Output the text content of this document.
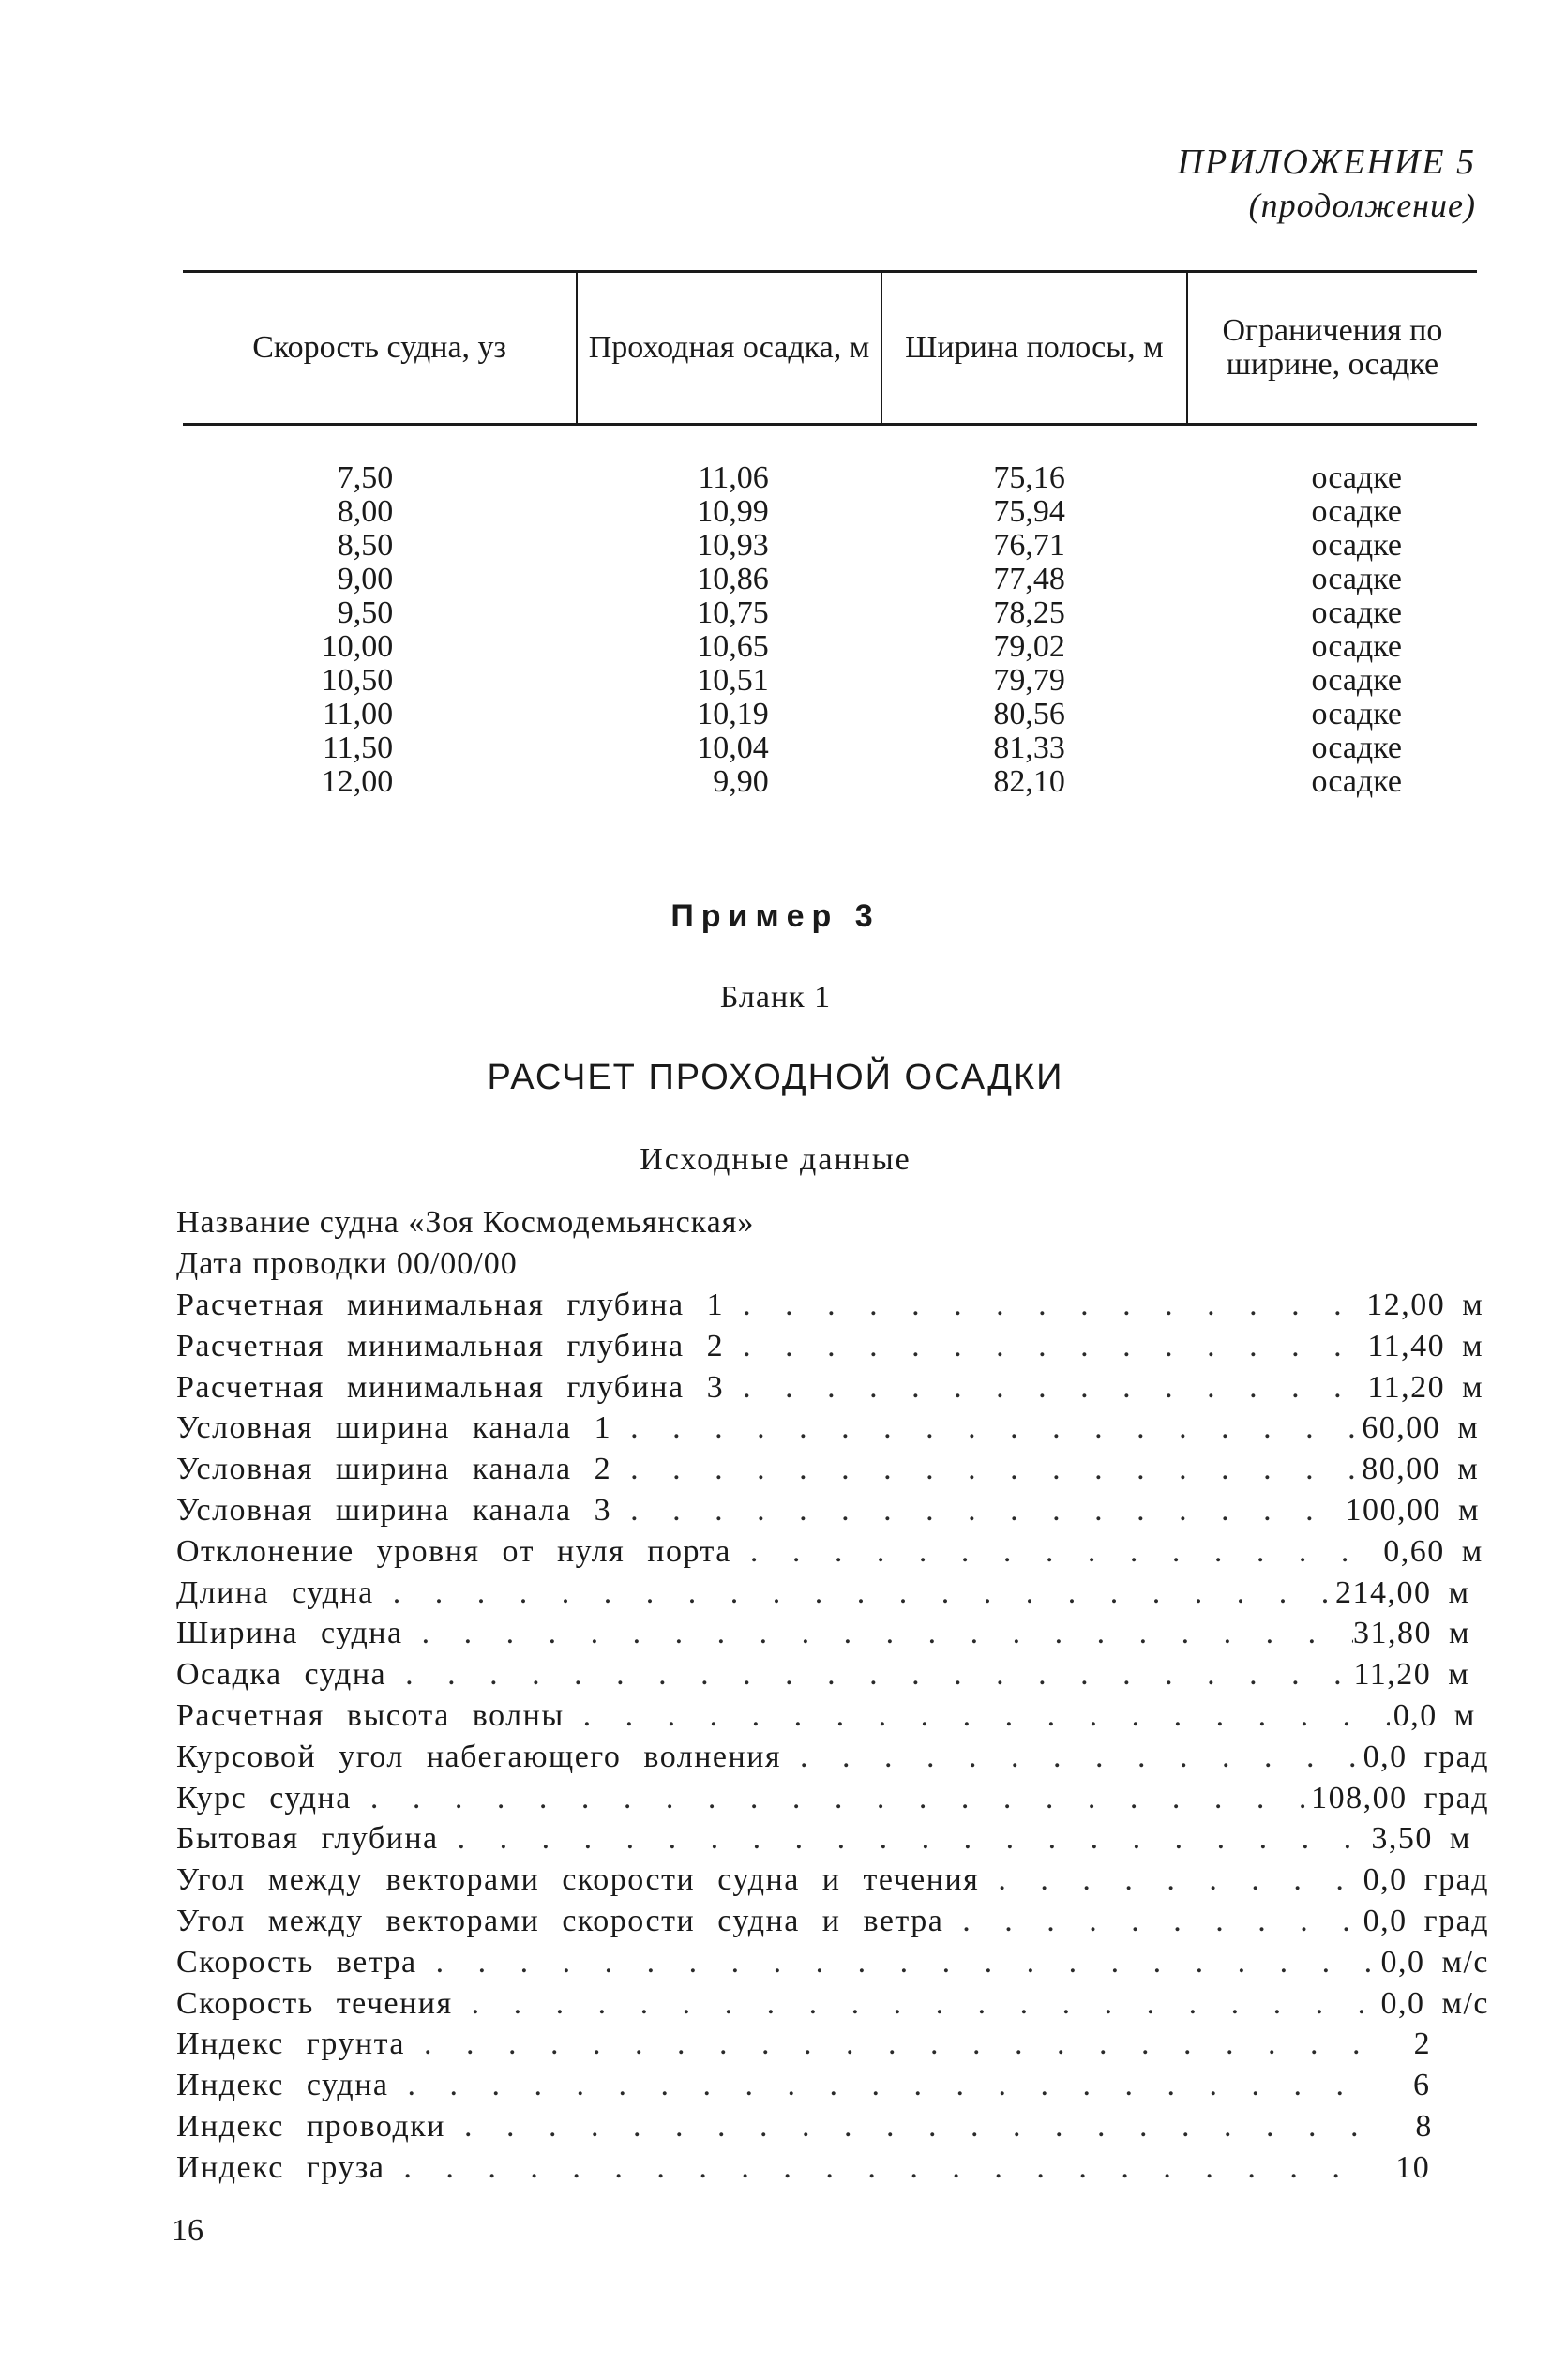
ПРИЛОЖЕНИЕ 5
(продолжение)
Скорость судна, уз	Проходная осадка, м	Ширина полосы, м	Ограничения по ширине, осадке
7,50	11,06	75,16	осадке
8,00	10,99	75,94	осадке
8,50	10,93	76,71	осадке
9,00	10,86	77,48	осадке
9,50	10,75	78,25	осадке
10,00	10,65	79,02	осадке
10,50	10,51	79,79	осадке
11,00	10,19	80,56	осадке
11,50	10,04	81,33	осадке
12,00	9,90	82,10	осадке
Пример 3
Бланк 1
РАСЧЕТ ПРОХОДНОЙ ОСАДКИ
Исходные данные
Название судна «Зоя Космодемьянская»
Дата проводки 00/00/00
Расчетная минимальная глубина 1 . . .	12,00 м
Расчетная минимальная глубина 2 . . .	11,40 м
Расчетная минимальная глубина 3 . . .	11,20 м
Условная ширина канала 1 . . .	60,00 м
Условная ширина канала 2 . . .	80,00 м
Условная ширина канала 3 . . .	100,00 м
Отклонение уровня от нуля порта . . .	0,60 м
Длина судна . . .	214,00 м
Ширина судна . . .	31,80 м
Осадка судна . . .	11,20 м
Расчетная высота волны . . .	0,0 м
Курсовой угол набегающего волнения . . .	0,0 град
Курс судна . . .	108,00 град
Бытовая глубина . . .	3,50 м
Угол между векторами скорости судна и течения . . .	0,0 град
Угол между векторами скорости судна и ветра . . .	0,0 град
Скорость ветра . . .	0,0 м/с
Скорость течения . . .	0,0 м/с
Индекс грунта . . .	2
Индекс судна . . .	6
Индекс проводки . . .	8
Индекс груза . . .	10
16
